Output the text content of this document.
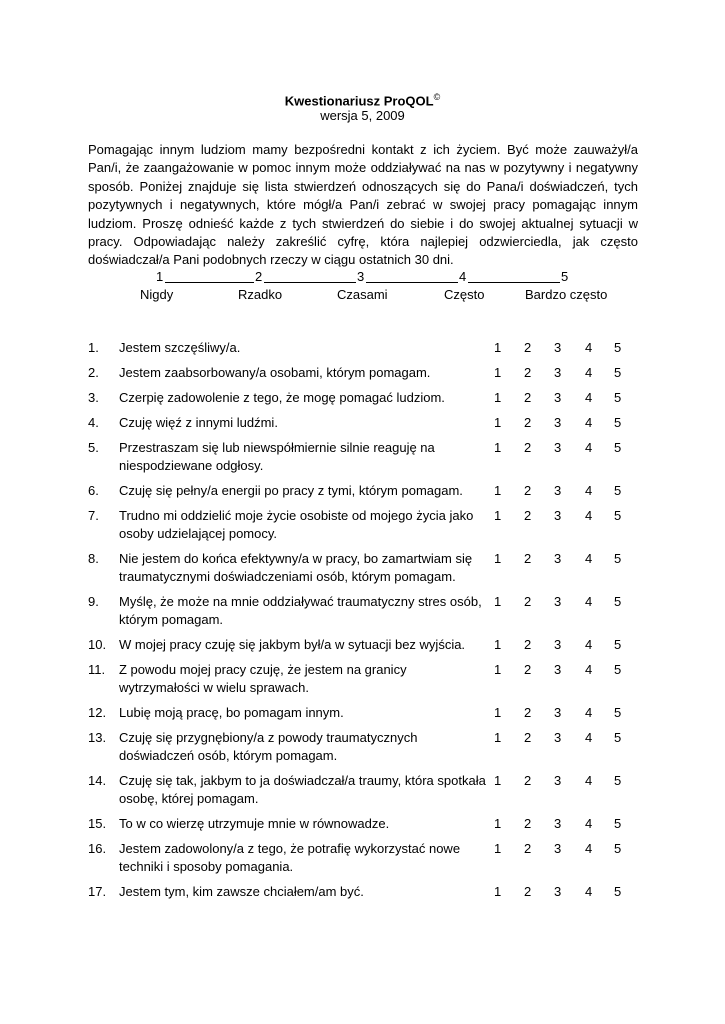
Kwestionariusz ProQOL©
wersja 5, 2009

Pomagając innym ludziom mamy bezpośredni kontakt z ich życiem. Być może zauważył/a Pan/i, że zaangażowanie w pomoc innym może oddziaływać na nas w pozytywny i negatywny sposób. Poniżej znajduje się lista stwierdzeń odnoszących się do Pana/i doświadczeń, tych pozytywnych i negatywnych, które mógł/a Pan/i zebrać w swojej pracy pomagając innym ludziom. Proszę odnieść każde z tych stwierdzeń do siebie i do swojej aktualnej sytuacji w pracy. Odpowiadając należy zakreślić cyfrę, która najlepiej odzwierciedla, jak często doświadczał/a Pani podobnych rzeczy w ciągu ostatnich 30 dni.

1	2	3	4	5
Nigdy	Rzadko	Czasami	Często	Bardzo często
1.	Jestem szczęśliwy/a.	1 2 3 4 5
2.	Jestem zaabsorbowany/a osobami, którym pomagam.	1 2 3 4 5
3.	Czerpię zadowolenie z tego, że mogę pomagać ludziom.	1 2 3 4 5
4.	Czuję więź z innymi ludźmi.	1 2 3 4 5
5.	Przestraszam się lub niewspółmiernie silnie reaguję na niespodziewane odgłosy.
1 2 3 4 5
6.	Czuję się pełny/a energii po pracy z tymi, którym pomagam.	1 2 3 4 5
7.	Trudno mi oddzielić moje życie osobiste od mojego życia jako osoby udzielającej pomocy.
1 2 3 4 5
8.	Nie jestem do końca efektywny/a w pracy, bo zamartwiam się traumatycznymi doświadczeniami osób, którym pomagam.
1 2 3 4 5
9.	Myślę, że może na mnie oddziaływać traumatyczny stres osób, którym pomagam.
1 2 3 4 5
10. W mojej pracy czuję się jakbym był/a w sytuacji bez wyjścia.	1 2 3 4 5
11.	Z powodu mojej pracy czuję, że jestem na granicy wytrzymałości w wielu sprawach.
1 2 3 4 5
12. Lubię moją pracę, bo pomagam innym.	1 2 3 4 5
13. Czuję się przygnębiony/a z powody traumatycznych doświadczeń osób, którym pomagam.
1 2 3 4 5
14. Czuję się tak, jakbym to ja doświadczał/a traumy, która spotkała osobę, której pomagam.
1 2 3 4 5
15. To w co wierzę utrzymuje mnie w równowadze.	1 2 3 4 5
16. Jestem zadowolony/a z tego, że potrafię wykorzystać nowe techniki i sposoby pomagania.
1 2 3 4 5
17. Jestem tym, kim zawsze chciałem/am być.	1 2 3 4 5
